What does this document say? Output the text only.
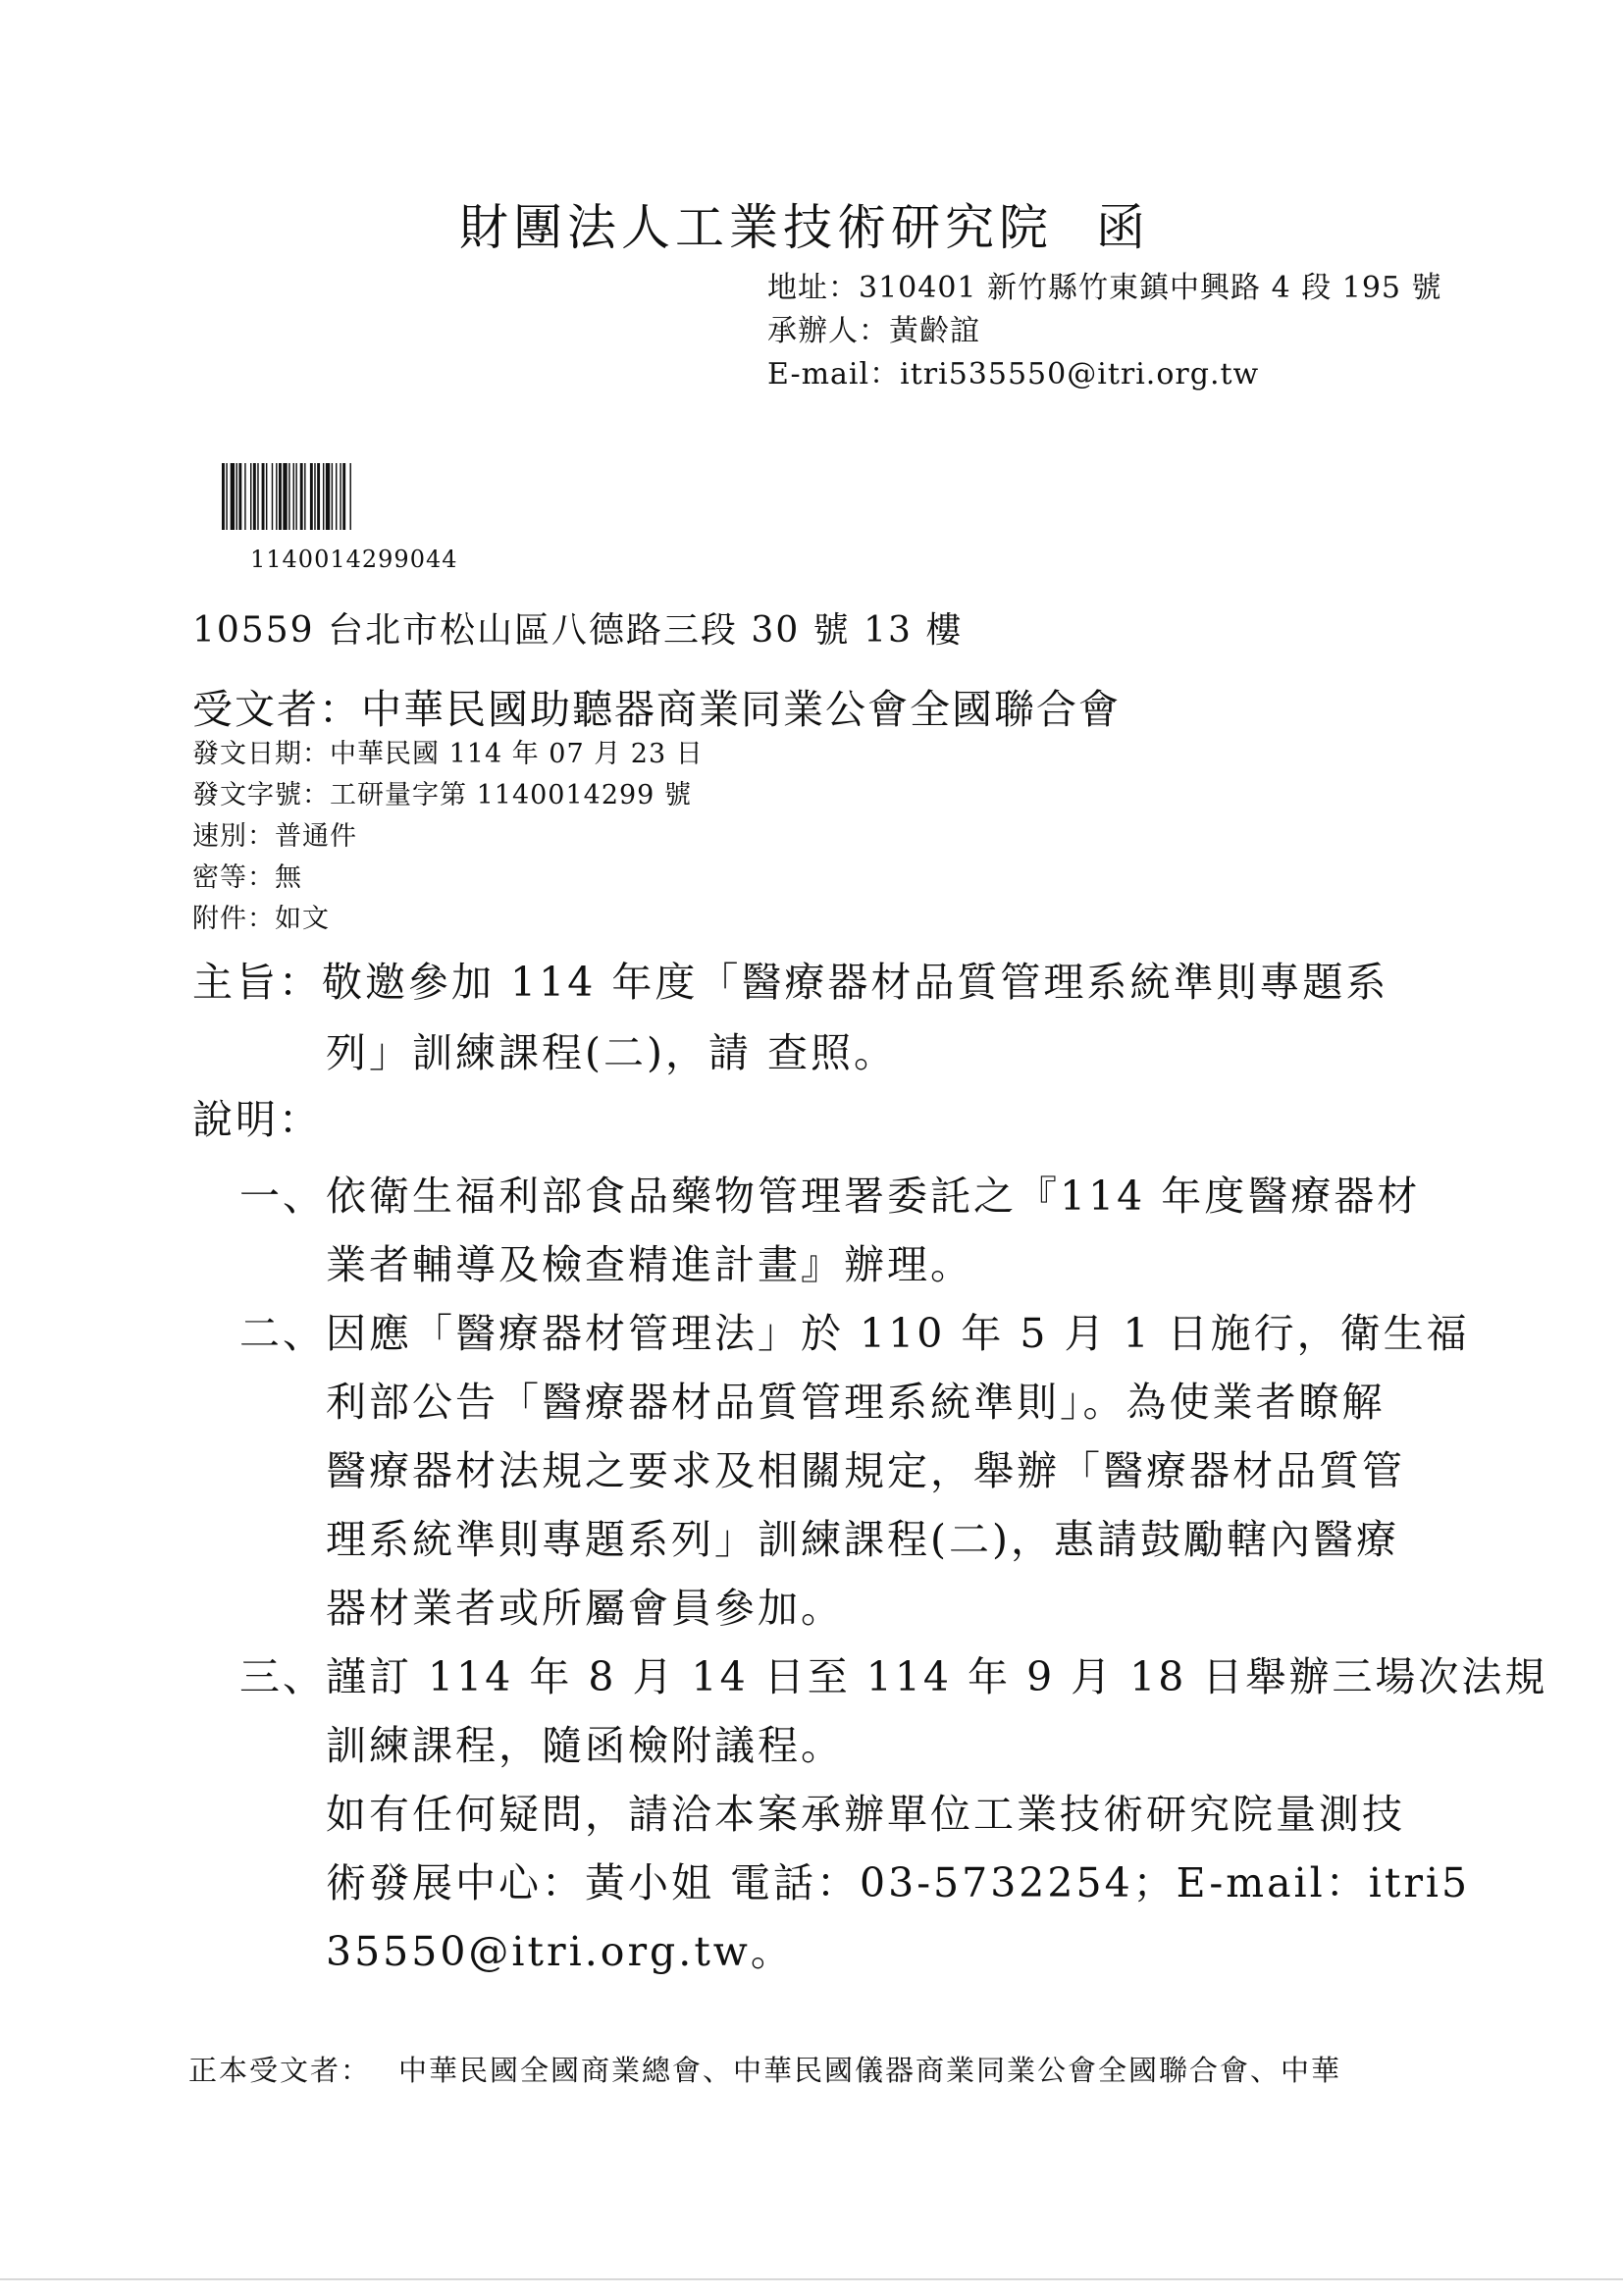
財團法人工業技術研究院 函
地址：310401 新竹縣竹東鎮中興路 4 段 195 號
承辦人：黃齡誼
E-mail：itri535550@itri.org.tw
1140014299044
10559 台北市松山區八德路三段 30 號 13 樓
受文者：中華民國助聽器商業同業公會全國聯合會
發文日期：中華民國 114 年 07 月 23 日
發文字號：工研量字第 1140014299 號
速別：普通件
密等：無
附件：如文
主旨：敬邀參加 114 年度「醫療器材品質管理系統準則專題系
列」訓練課程(二)，請 查照。
說明：
一、 依衛生福利部食品藥物管理署委託之『114 年度醫療器材
業者輔導及檢查精進計畫』辦理。
二、 因應「醫療器材管理法」於 110 年 5 月 1 日施行，衛生福
利部公告「醫療器材品質管理系統準則」。為使業者瞭解
醫療器材法規之要求及相關規定，舉辦「醫療器材品質管
理系統準則專題系列」訓練課程(二)，惠請鼓勵轄內醫療
器材業者或所屬會員參加。
三、 謹訂 114 年 8 月 14 日至 114 年 9 月 18 日舉辦三場次法規
訓練課程，隨函檢附議程。
如有任何疑問，請洽本案承辦單位工業技術研究院量測技
術發展中心：黃小姐 電話：03-5732254；E-mail：itri5
35550@itri.org.tw。
正本受文者： 中華民國全國商業總會、中華民國儀器商業同業公會全國聯合會、中華
